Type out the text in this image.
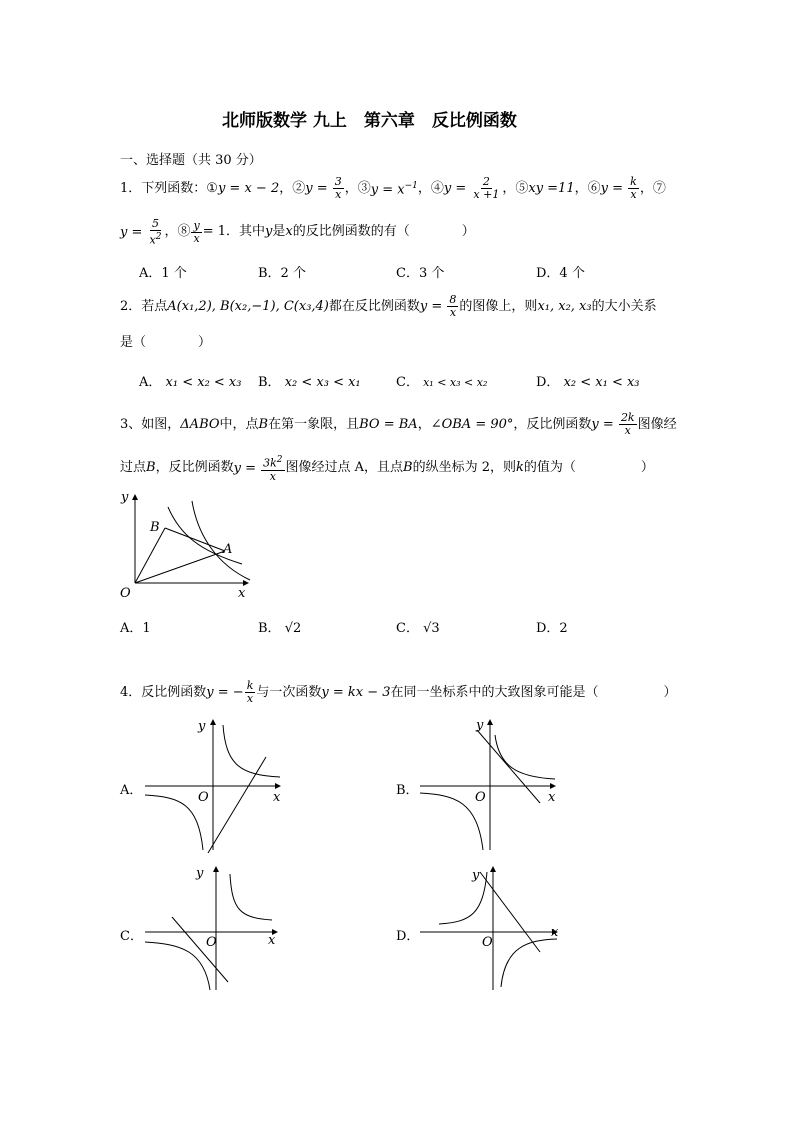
北师版数学 九上　第六章　反比例函数
一、选择题（共 30 分）
1． 下列函数： ① y = x − 2 ，② $y = \frac{3}{x}$ ，③ $y = x^{-1}$ ，④ $y = \frac{2}{x +1}$ ，⑤ xy =11 ，⑥ $y = \frac{k}{x}$ ，⑦
$y = \frac{5}{x^2}$ ，⑧ $\frac{y}{x} = 1$．其中 y 是 x 的反比例函数的有（　　　　）
A．1 个	B．2 个	C．3 个	D．4 个
2． 若点 A(x₁,2), B(x₂,−1), C(x₃,4) 都在反比例函数 $y = \frac{8}{x}$ 的图像上，则 x₁, x₂, x₃ 的大小关系
是（　　　　）
A． x₁ < x₂ < x₃ B． x₂ < x₃ < x₁	C． x₁ < x₃ < x₂	D． x₂ < x₁ < x₃
3、 如图， ΔABO 中，点 B 在第一象限，且 BO = BA ， ∠OBA = 90° ，反比例函数 $y = \frac{2k}{x}$ 图像经
过点 B ，反比例函数 $y = \frac{3k^2}{x}$ 图像经过点 A，且点 B 的纵坐标为 2，则 k 的值为（　　　　　）
B
A
O
y
x
A．1	B． √2	C． √3	D．2
4． 反比例函数 y = − $\frac{k}{x}$ 与一次函数 y = kx − 3 在同一坐标系中的大致图象可能是（　　　　　）
A．
y
O	x	B．
y
O	x
C．
y
O	x	D．
y
O
x
